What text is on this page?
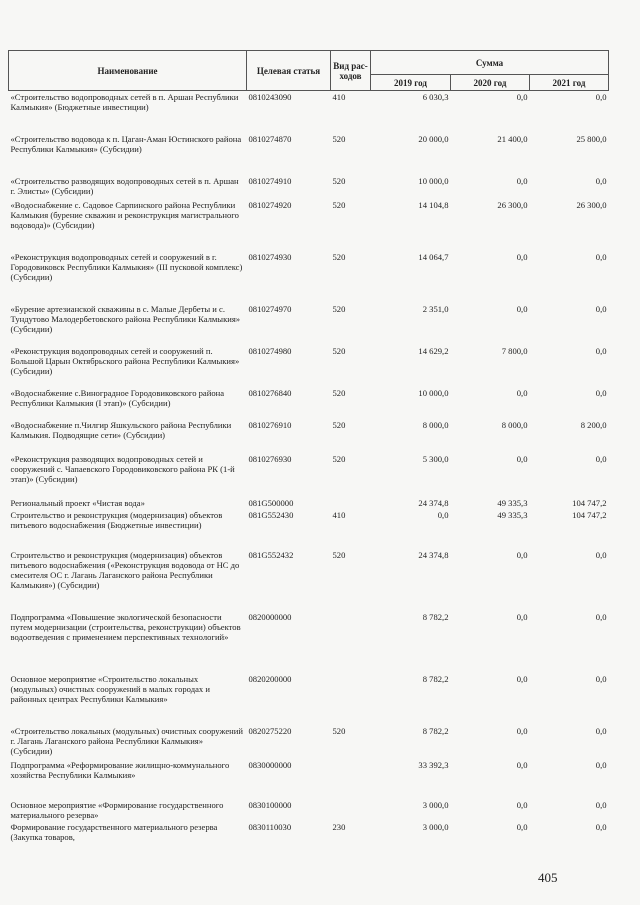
Наименование	Целевая статья	Вид рас-ходов	Сумма		
			2019 год	2020 год	2021 год
«Строительство водопроводных сетей в п. Аршан Республики Калмыкия» (Бюджетные инвестиции)	0810243090	410	6 030,3	0,0	0,0
«Строительство водовода к п. Цаган-Аман Юстинского района Республики Калмыкия» (Субсидии)	0810274870	520	20 000,0	21 400,0	25 800,0
«Строительство разводящих водопроводных сетей в п. Аршан г. Элисты» (Субсидии)	0810274910	520	10 000,0	0,0	0,0
«Водоснабжение с. Садовое Сарпинского района Республики Калмыкия (бурение скважин и реконструкция магистрального водовода)» (Субсидии)	0810274920	520	14 104,8	26 300,0	26 300,0
«Реконструкция водопроводных сетей и сооружений в г. Городовиковск Республики Калмыкия» (III пусковой комплекс) (Субсидии)	0810274930	520	14 064,7	0,0	0,0
«Бурение артезианской скважины в с. Малые Дербеты и с. Тундутово Малодербетовского района Республики Калмыкия» (Субсидии)	0810274970	520	2 351,0	0,0	0,0
«Реконструкция водопроводных сетей и сооружений п. Большой Царын Октябрьского района Республики Калмыкия» (Субсидии)	0810274980	520	14 629,2	7 800,0	0,0
«Водоснабжение с.Виноградное Городовиковского района Республики Калмыкия (I этап)» (Субсидии)	0810276840	520	10 000,0	0,0	0,0
«Водоснабжение п.Чилгир Яшкульского района Республики Калмыкия. Подводящие сети» (Субсидии)	0810276910	520	8 000,0	8 000,0	8 200,0
«Реконструкция разводящих водопроводных сетей и сооружений с. Чапаевского Городовиковского района РК (1-й этап)» (Субсидии)	0810276930	520	5 300,0	0,0	0,0
Региональный проект «Чистая вода»	081G500000		24 374,8	49 335,3	104 747,2
Строительство и реконструкция (модернизация) объектов питьевого водоснабжения (Бюджетные инвестиции)	081G552430	410	0,0	49 335,3	104 747,2
Строительство и реконструкция (модернизация) объектов питьевого водоснабжения («Реконструкция водовода от НС до смесителя ОС г. Лагань Лаганского района Республики Калмыкия») (Субсидии)	081G552432	520	24 374,8	0,0	0,0
Подпрограмма «Повышение экологической безопасности путем модернизации (строительства, реконструкции) объектов водоотведения с применением перспективных технологий»	0820000000		8 782,2	0,0	0,0
Основное мероприятие «Строительство локальных (модульных) очистных сооружений в малых городах и районных центрах Республики Калмыкия»	0820200000		8 782,2	0,0	0,0
«Строительство локальных (модульных) очистных сооружений г. Лагань Лаганского района Республики Калмыкия» (Субсидии)	0820275220	520	8 782,2	0,0	0,0
Подпрограмма «Реформирование жилищно-коммунального хозяйства Республики Калмыкия»	0830000000		33 392,3	0,0	0,0
Основное мероприятие «Формирование государственного материального резерва»	0830100000		3 000,0	0,0	0,0
Формирование государственного материального резерва (Закупка товаров,	0830110030	230	3 000,0	0,0	0,0
405
